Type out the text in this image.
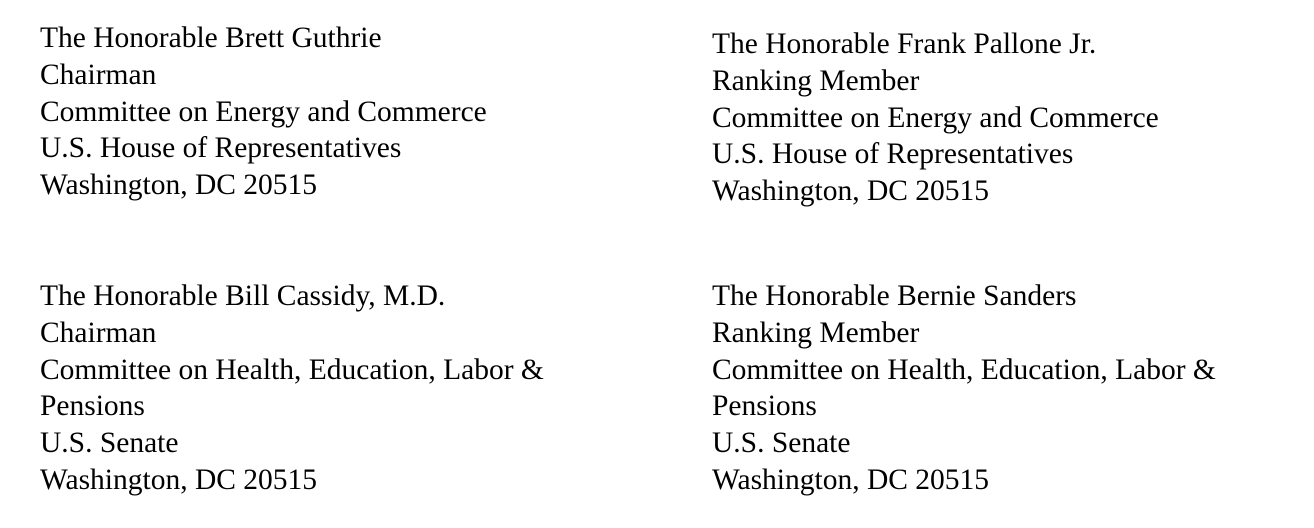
The Honorable Brett Guthrie
Chairman
Committee on Energy and Commerce
U.S. House of Representatives
Washington, DC 20515
The Honorable Frank Pallone Jr.
Ranking Member
Committee on Energy and Commerce
U.S. House of Representatives
Washington, DC 20515
The Honorable Bill Cassidy, M.D.
Chairman
Committee on Health, Education, Labor &
Pensions
U.S. Senate
Washington, DC 20515
The Honorable Bernie Sanders
Ranking Member
Committee on Health, Education, Labor &
Pensions
U.S. Senate
Washington, DC 20515
